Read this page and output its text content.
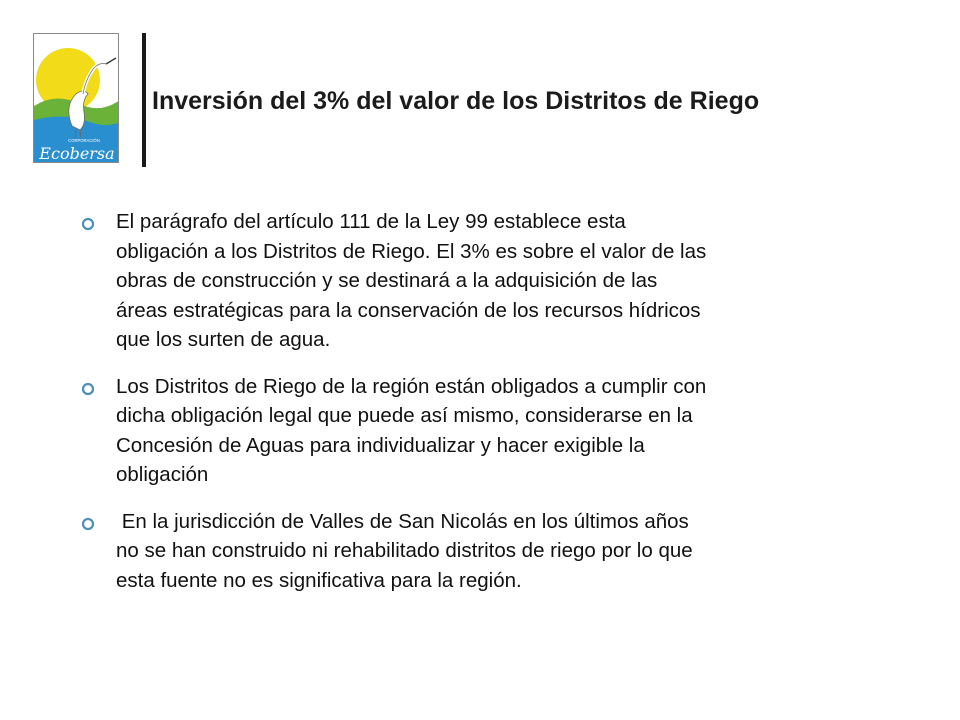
CORPORACIÓN
Ecobersa
Inversión del 3% del valor de los Distritos de Riego
El parágrafo del artículo 111 de la Ley 99 establece esta
obligación a los Distritos de Riego. El 3% es sobre el valor de las
obras de construcción y se destinará a la adquisición de las
áreas estratégicas para la conservación de los recursos hídricos
que los surten de agua.
Los Distritos de Riego de la región están obligados a cumplir con
dicha obligación legal que puede así mismo, considerarse en la
Concesión de Aguas para individualizar y hacer exigible la
obligación
En la jurisdicción de Valles de San Nicolás en los últimos años
no se han construido ni rehabilitado distritos de riego por lo que
esta fuente no es significativa para la región.
